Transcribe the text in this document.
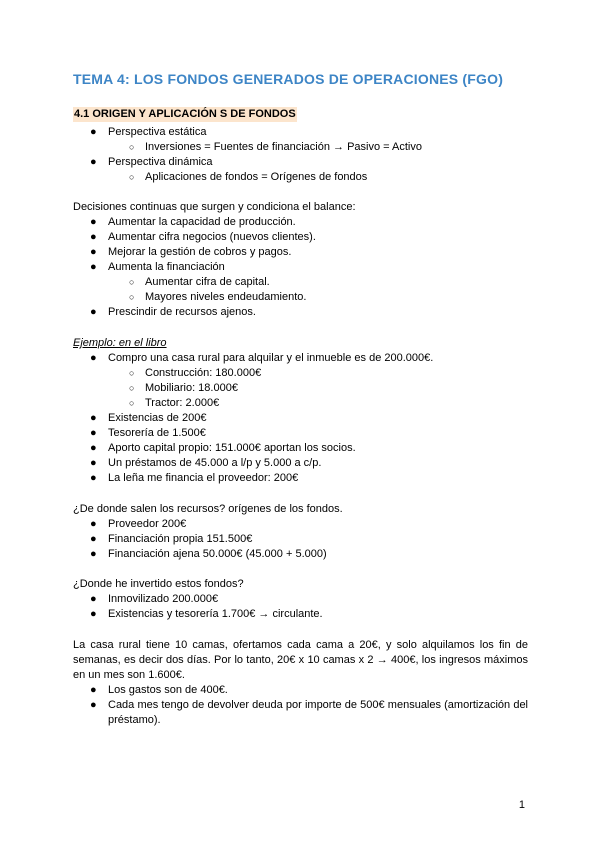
TEMA 4: LOS FONDOS GENERADOS DE OPERACIONES (FGO)
4.1 ORIGEN Y APLICACIÓN S DE FONDOS
● Perspectiva estática
○ Inversiones = Fuentes de financiación → Pasivo = Activo
● Perspectiva dinámica
○ Aplicaciones de fondos = Orígenes de fondos
Decisiones continuas que surgen y condiciona el balance:
● Aumentar la capacidad de producción.
● Aumentar cifra negocios (nuevos clientes).
● Mejorar la gestión de cobros y pagos.
● Aumenta la financiación
○ Aumentar cifra de capital.
○ Mayores niveles endeudamiento.
● Prescindir de recursos ajenos.
Ejemplo: en el libro
● Compro una casa rural para alquilar y el inmueble es de 200.000€.
○ Construcción: 180.000€
○ Mobiliario: 18.000€
○ Tractor: 2.000€
● Existencias de 200€
● Tesorería de 1.500€
● Aporto capital propio: 151.000€ aportan los socios.
● Un préstamos de 45.000 a l/p y 5.000 a c/p.
● La leña me financia el proveedor: 200€
¿De donde salen los recursos? orígenes de los fondos.
● Proveedor 200€
● Financiación propia 151.500€
● Financiación ajena 50.000€ (45.000 + 5.000)
¿Donde he invertido estos fondos?
● Inmovilizado 200.000€
● Existencias y tesorería 1.700€ → circulante.
La casa rural tiene 10 camas, ofertamos cada cama a 20€, y solo alquilamos los fin de semanas, es decir dos días. Por lo tanto, 20€ x 10 camas x 2 → 400€, los ingresos máximos en un mes son 1.600€.
● Los gastos son de 400€.
● Cada mes tengo de devolver deuda por importe de 500€ mensuales (amortización del préstamo).
1
